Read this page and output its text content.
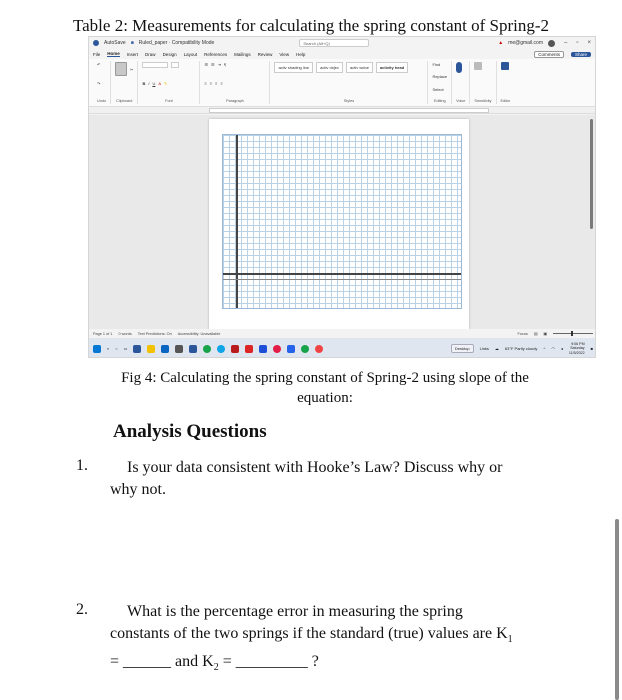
Table 2: Measurements for calculating the spring constant of Spring-2
AutoSave ■ Ruled_paper · Compatibility Mode	Search (Alt+Q)	▲ me@gmail.com	– ▫ ×
File Home Insert Draw Design Layout References Mailings Review View Help	Comments	Share
↶
↷
Undo
✂
Clipboard
B I U A ✎
Font
☰ ☰ ⇥ ¶
≡ ≡ ≡ ≡
Paragraph
activ shading line	activ objec	activ wdoe	activity head
Styles
Find
Replace
Select
Editing	Voice Sensitivity Editor
Page 1 of 1 0 words Text Predictions: On Accessibility: Unavailable	Focus ▤ ▣
⌕ ○ ▭	Desktop	Links ☁ 63°F Partly cloudy ^ ◠ ◂
9:06 PM
Saturday
11/5/2022
■
Fig 4: Calculating the spring constant of Spring-2 using slope of the
equation:
Analysis Questions
1.	Is your data consistent with Hooke’s Law? Discuss why or
why not.
2.	What is the percentage error in measuring the spring
constants of the two springs if the standard (true) values are $K_1$
= ______ and $K_2$ = _________ ?
